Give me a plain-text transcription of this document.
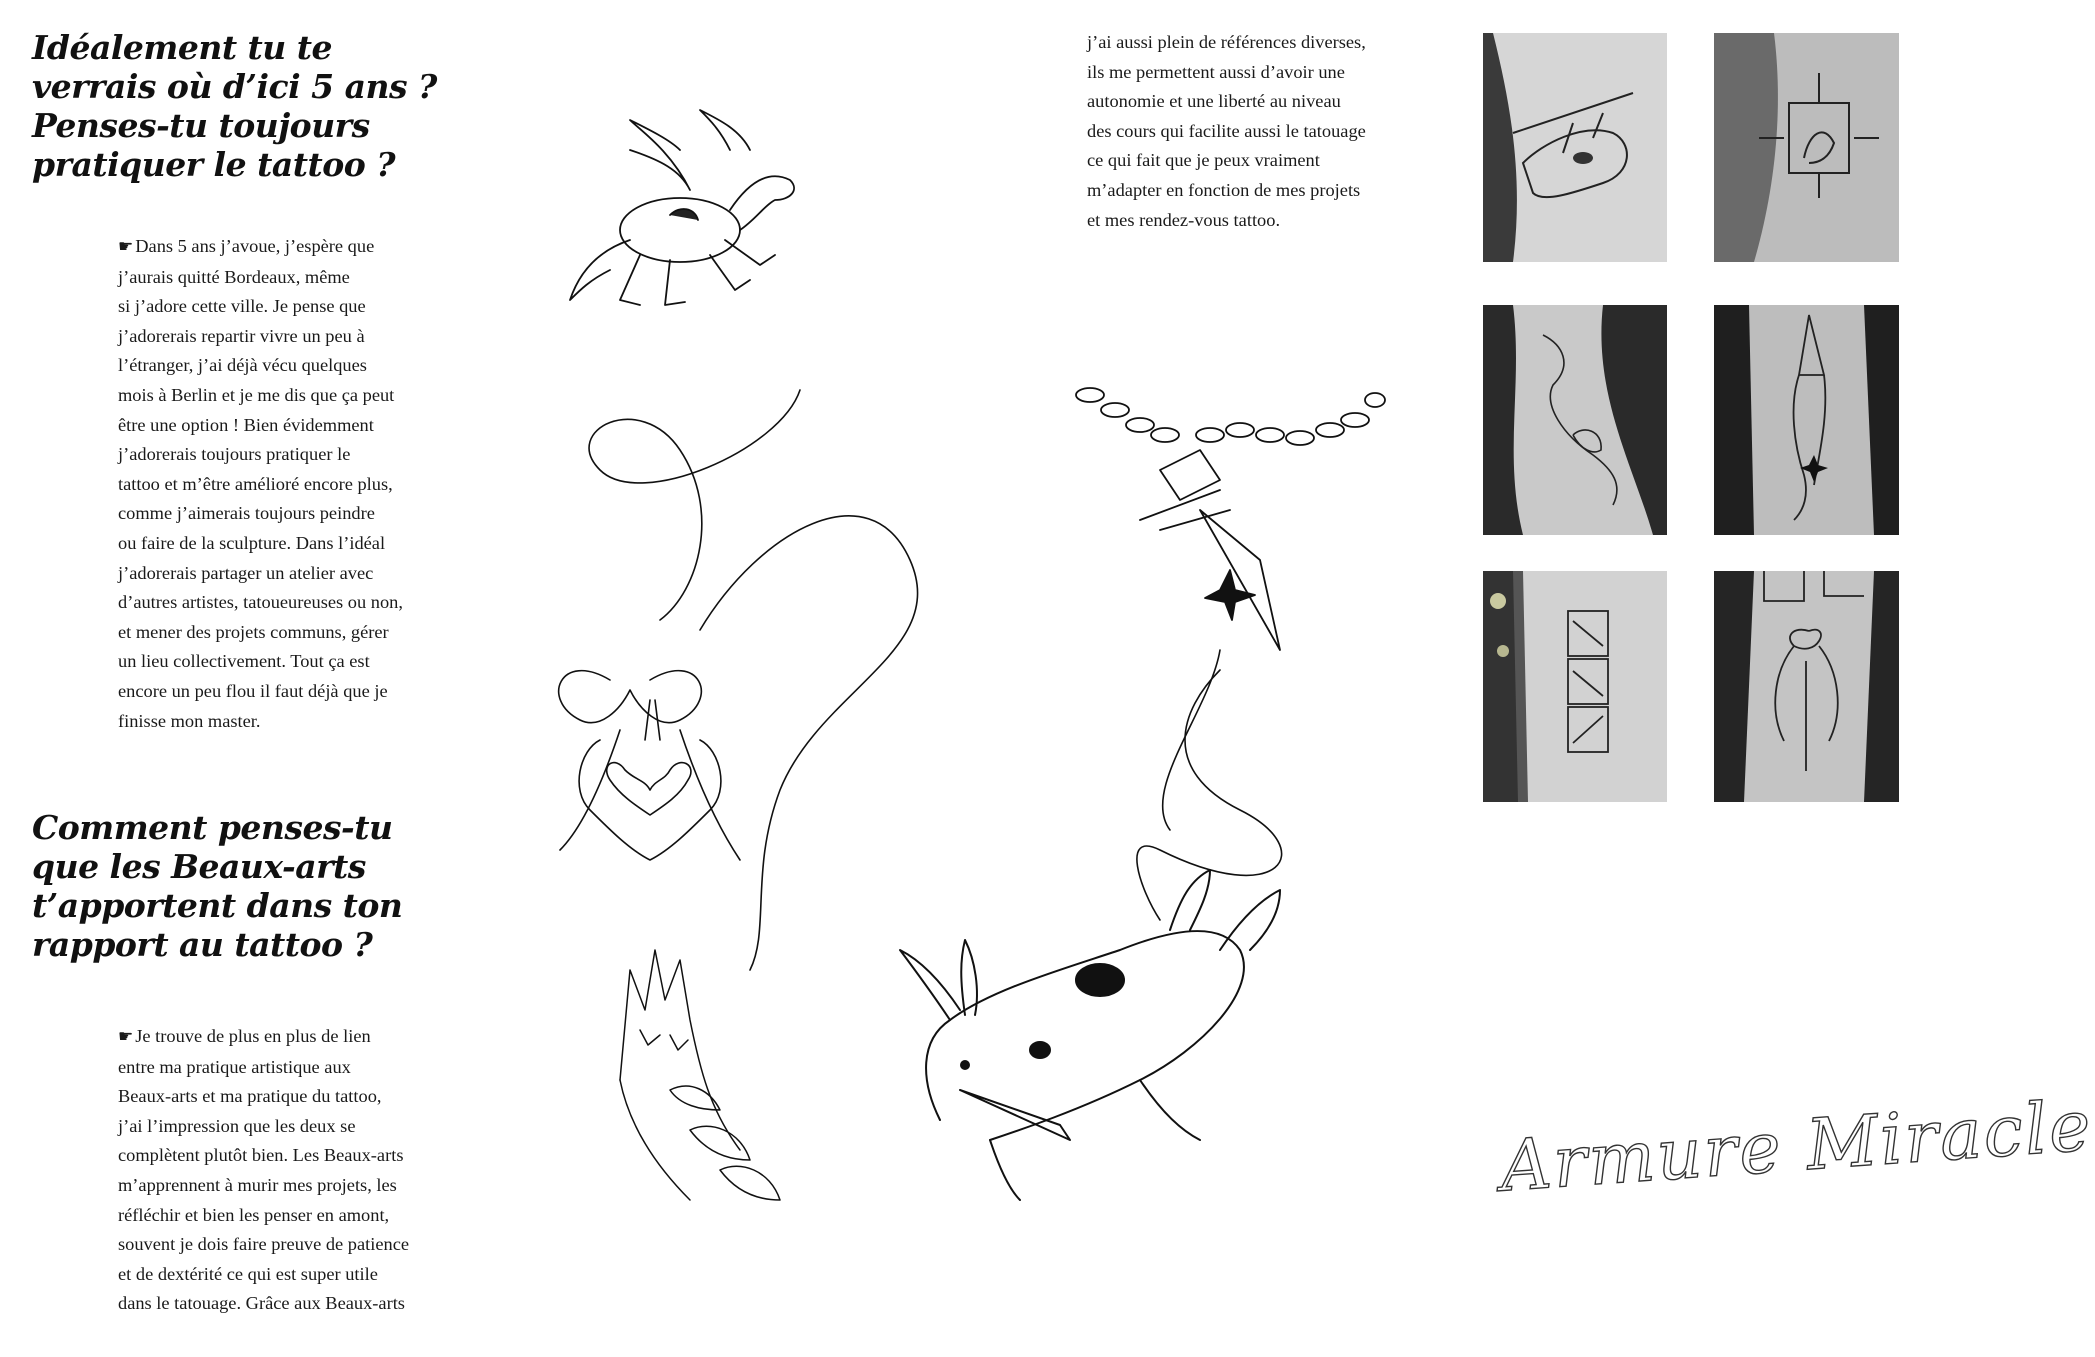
Idéalement tu te
verrais où d’ici 5 ans ?
Penses-tu toujours
pratiquer le tattoo ?
☛ Dans 5 ans j’avoue, j’espère que
j’aurais quitté Bordeaux, même
si j’adore cette ville. Je pense que
j’adorerais repartir vivre un peu à
l’étranger, j’ai déjà vécu quelques
mois à Berlin et je me dis que ça peut
être une option ! Bien évidemment
j’adorerais toujours pratiquer le
tattoo et m’être amélioré encore plus,
comme j’aimerais toujours peindre
ou faire de la sculpture. Dans l’idéal
j’adorerais partager un atelier avec
d’autres artistes, tatoueureuses ou non,
et mener des projets communs, gérer
un lieu collectivement. Tout ça est
encore un peu flou il faut déjà que je
finisse mon master.
Comment penses-tu
que les Beaux-arts
t’apportent dans ton
rapport au tattoo ?
☛ Je trouve de plus en plus de lien
entre ma pratique artistique aux
Beaux-arts et ma pratique du tattoo,
j’ai l’impression que les deux se
complètent plutôt bien. Les Beaux-arts
m’apprennent à murir mes projets, les
réfléchir et bien les penser en amont,
souvent je dois faire preuve de patience
et de dextérité ce qui est super utile
dans le tatouage. Grâce aux Beaux-arts
j’ai aussi plein de références diverses,
ils me permettent aussi d’avoir une
autonomie et une liberté au niveau
des cours qui facilite aussi le tatouage
ce qui fait que je peux vraiment
m’adapter en fonction de mes projets
et mes rendez-vous tattoo.
Armure Miracle
